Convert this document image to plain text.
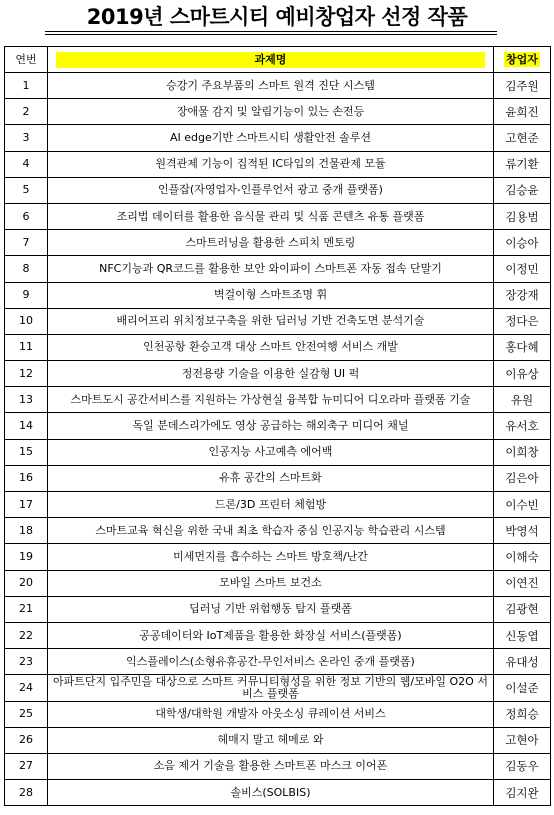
2019년 스마트시티 예비창업자 선정 작품
연번	과제명	창업자
1	승강기 주요부품의 스마트 원격 진단 시스템	김주원
2	장애물 감지 및 알림기능이 있는 손전등	윤희진
3	AI edge기반 스마트시티 생활안전 솔루션	고현준
4	원격관제 기능이 집적된 IC타입의 건물관제 모듈	류기환
5	인플잡(자영업자-인플루언서 광고 중개 플랫폼)	김승윤
6	조리법 데이터를 활용한 음식물 관리 및 식품 콘텐츠 유통 플랫폼	김용범
7	스마트러닝을 활용한 스피치 멘토링	이승아
8	NFC기능과 QR코드를 활용한 보안 와이파이 스마트폰 자동 접속 단말기	이정민
9	벽걸이형 스마트조명 휘	장강재
10	배리어프리 위치정보구축을 위한 딥러닝 기반 건축도면 분석기술	정다은
11	인천공항 환승고객 대상 스마트 안전여행 서비스 개발	홍다혜
12	정전용량 기술을 이용한 실감형 UI 퍽	이유상
13	스마트도시 공간서비스를 지원하는 가상현실 융복합 뉴미디어 디오라마 플랫폼 기술	유원
14	독일 분데스리가에도 영상 공급하는 해외축구 미디어 채널	유서호
15	인공지능 사고예측 에어백	이희창
16	유휴 공간의 스마트화	김은아
17	드론/3D 프린터 체험방	이수빈
18	스마트교육 혁신을 위한 국내 최초 학습자 중심 인공지능 학습관리 시스템	박영석
19	미세먼지를 흡수하는 스마트 방호책/난간	이해숙
20	모바일 스마트 보건소	이연진
21	딥러닝 기반 위험행동 탐지 플랫폼	김광현
22	공공데이터와 IoT제품을 활용한 화장실 서비스(플랫폼)	신동엽
23	익스플레이스(소형유휴공간-무인서비스 온라인 중개 플랫폼)	유대성
24	아파트단지 입주민을 대상으로 스마트 커뮤니티형성을 위한 정보 기반의 웹/모바일 O2O 서비스 플랫폼	이설준
25	대학생/대학원 개발자 아웃소싱 큐레이션 서비스	정희승
26	헤매지 말고 헤메로 와	고현아
27	소음 제거 기술을 활용한 스마트폰 마스크 이어폰	김동우
28	솔비스(SOLBIS)	김지완
